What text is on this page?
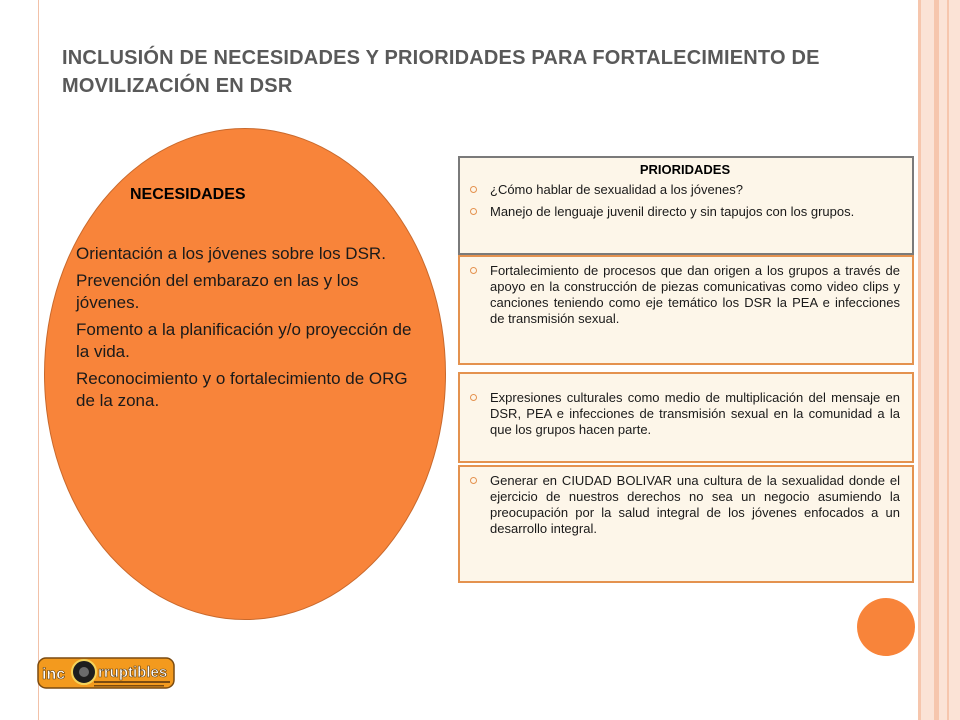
INCLUSIÓN DE NECESIDADES Y PRIORIDADES PARA FORTALECIMIENTO DE MOVILIZACIÓN EN DSR
NECESIDADES
Orientación a los jóvenes sobre los DSR.
Prevención del embarazo en las y los jóvenes.
Fomento a la planificación y/o proyección de la vida.
Reconocimiento y o fortalecimiento de ORG de la zona.
PRIORIDADES
¿Cómo hablar de sexualidad a los jóvenes?
Manejo de lenguaje juvenil directo y sin tapujos con los grupos.
Fortalecimiento de procesos que dan origen a los grupos a través de apoyo en la construcción de piezas comunicativas como video clips y canciones teniendo como eje temático los DSR la PEA e infecciones de transmisión sexual.
Expresiones culturales como medio de multiplicación del mensaje en DSR, PEA e infecciones de transmisión sexual en la comunidad a la que los grupos hacen parte.
Generar en CIUDAD BOLIVAR una cultura de la sexualidad donde el ejercicio de nuestros derechos no sea un negocio asumiendo la preocupación por la salud integral de los jóvenes enfocados a un desarrollo integral.
inc rruptibles
